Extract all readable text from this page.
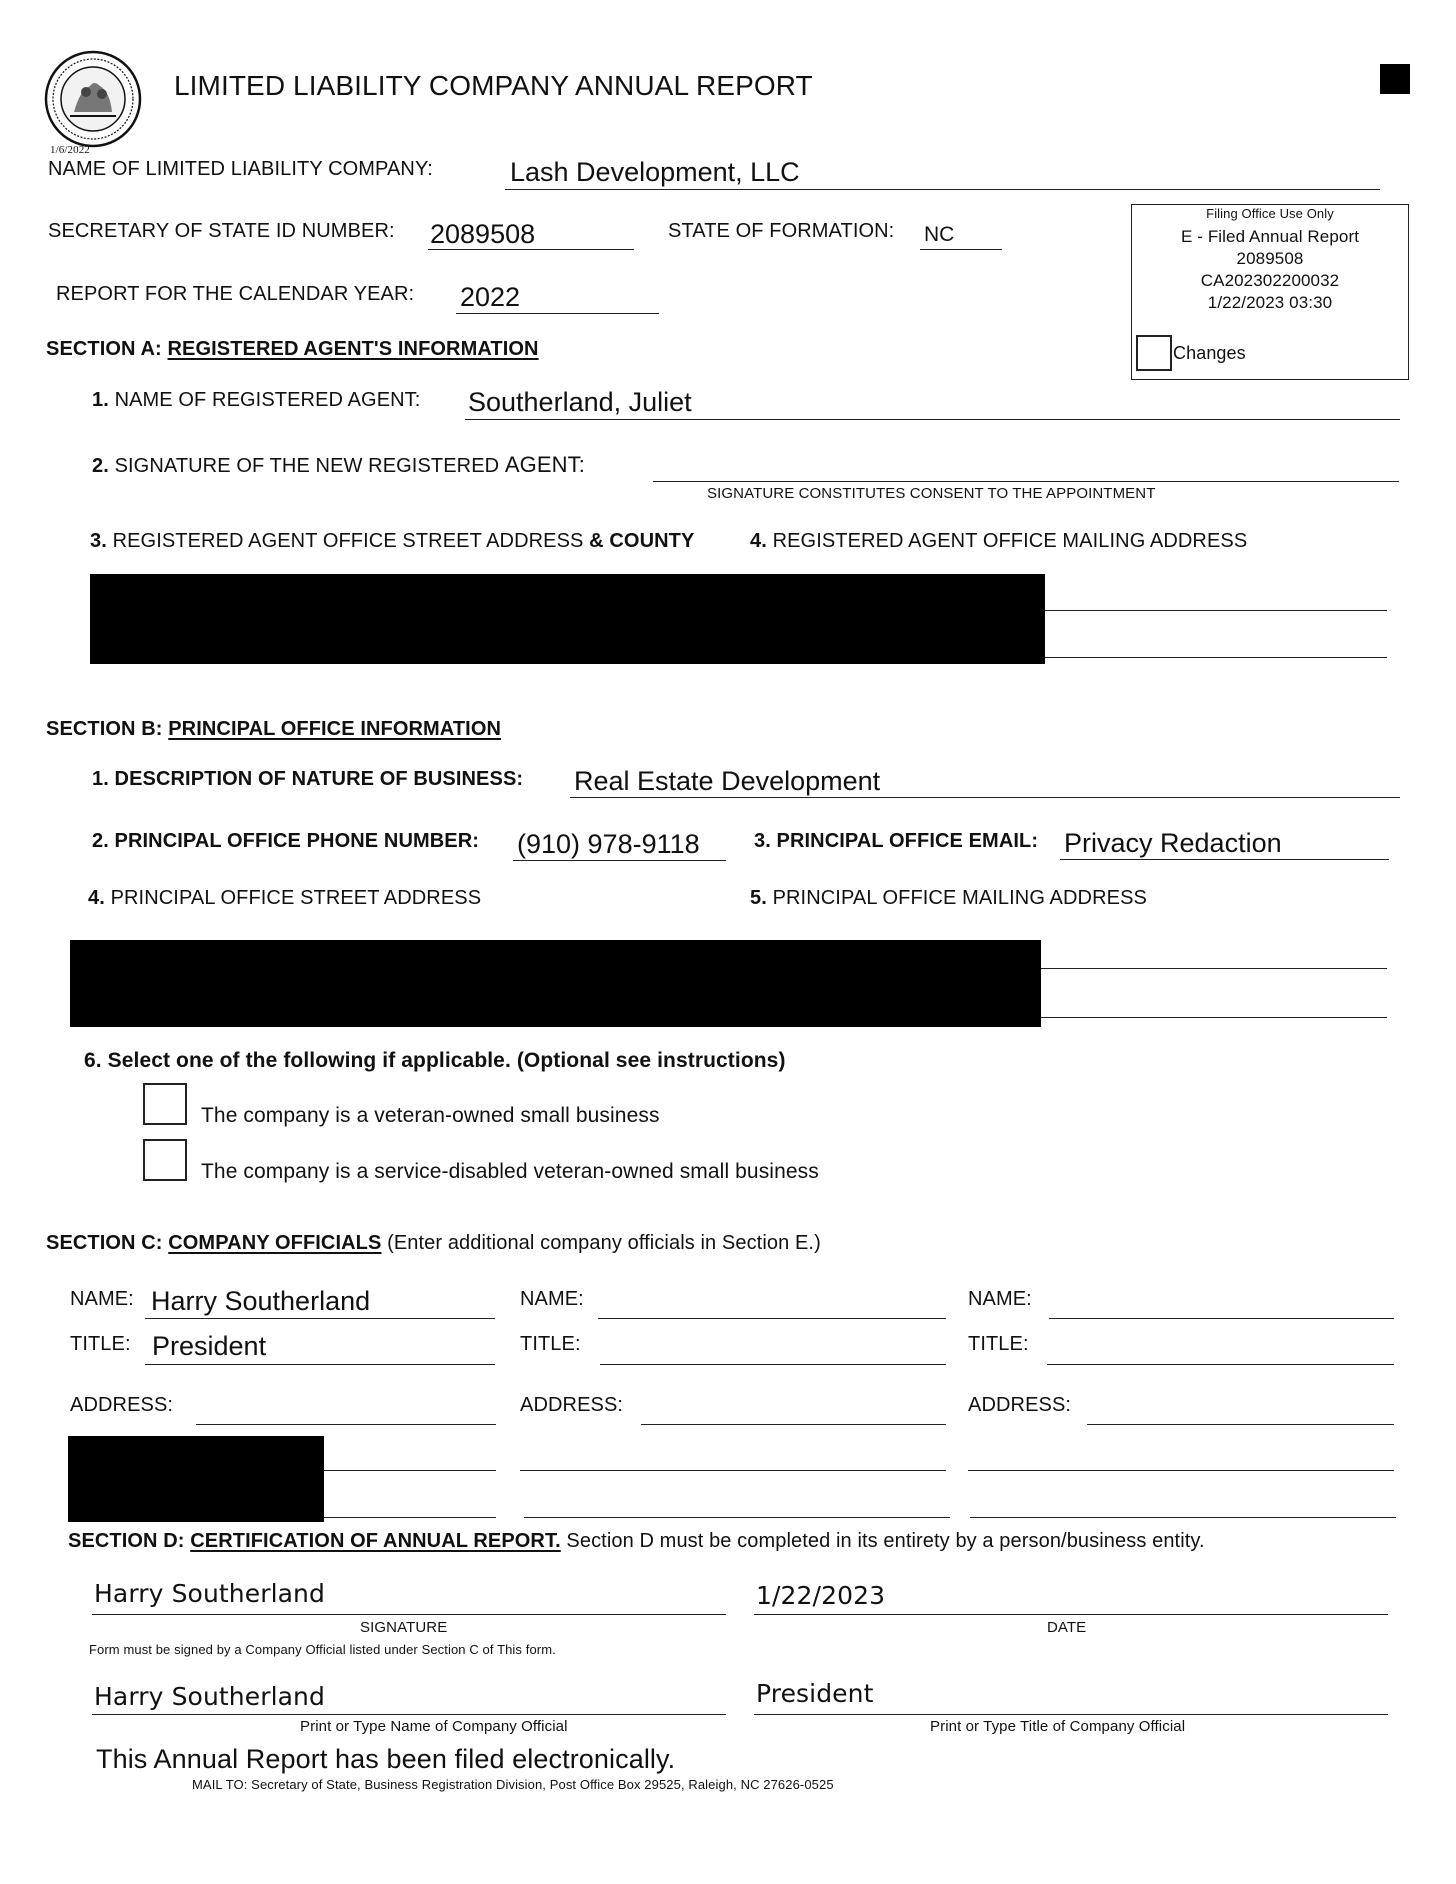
1/6/2022
LIMITED LIABILITY COMPANY ANNUAL REPORT
NAME OF LIMITED LIABILITY COMPANY:	Lash Development, LLC
SECRETARY OF STATE ID NUMBER: 2089508	STATE OF FORMATION: NC
REPORT FOR THE CALENDAR YEAR: 2022
Filing Office Use Only
E - Filed Annual Report
2089508
CA202302200032
1/22/2023 03:30
Changes
SECTION A: REGISTERED AGENT'S INFORMATION
1. NAME OF REGISTERED AGENT: Southerland, Juliet
2. SIGNATURE OF THE NEW REGISTERED AGENT:
SIGNATURE CONSTITUTES CONSENT TO THE APPOINTMENT
3. REGISTERED AGENT OFFICE STREET ADDRESS & COUNTY	4. REGISTERED AGENT OFFICE MAILING ADDRESS
SECTION B: PRINCIPAL OFFICE INFORMATION
1. DESCRIPTION OF NATURE OF BUSINESS: Real Estate Development
2. PRINCIPAL OFFICE PHONE NUMBER: (910) 978-9118	3. PRINCIPAL OFFICE EMAIL: Privacy Redaction
4. PRINCIPAL OFFICE STREET ADDRESS	5. PRINCIPAL OFFICE MAILING ADDRESS
6. Select one of the following if applicable. (Optional see instructions)
The company is a veteran-owned small business
The company is a service-disabled veteran-owned small business
SECTION C: COMPANY OFFICIALS (Enter additional company officials in Section E.)
NAME: Harry Southerland
TITLE: President
ADDRESS:
NAME:
TITLE:
ADDRESS:
NAME:
TITLE:
ADDRESS:
SECTION D: CERTIFICATION OF ANNUAL REPORT. Section D must be completed in its entirety by a person/business entity.
Harry Southerland
SIGNATURE
1/22/2023
DATE
Form must be signed by a Company Official listed under Section C of This form.
Harry Southerland
Print or Type Name of Company Official
President
Print or Type Title of Company Official
This Annual Report has been filed electronically.
MAIL TO: Secretary of State, Business Registration Division, Post Office Box 29525, Raleigh, NC 27626-0525
